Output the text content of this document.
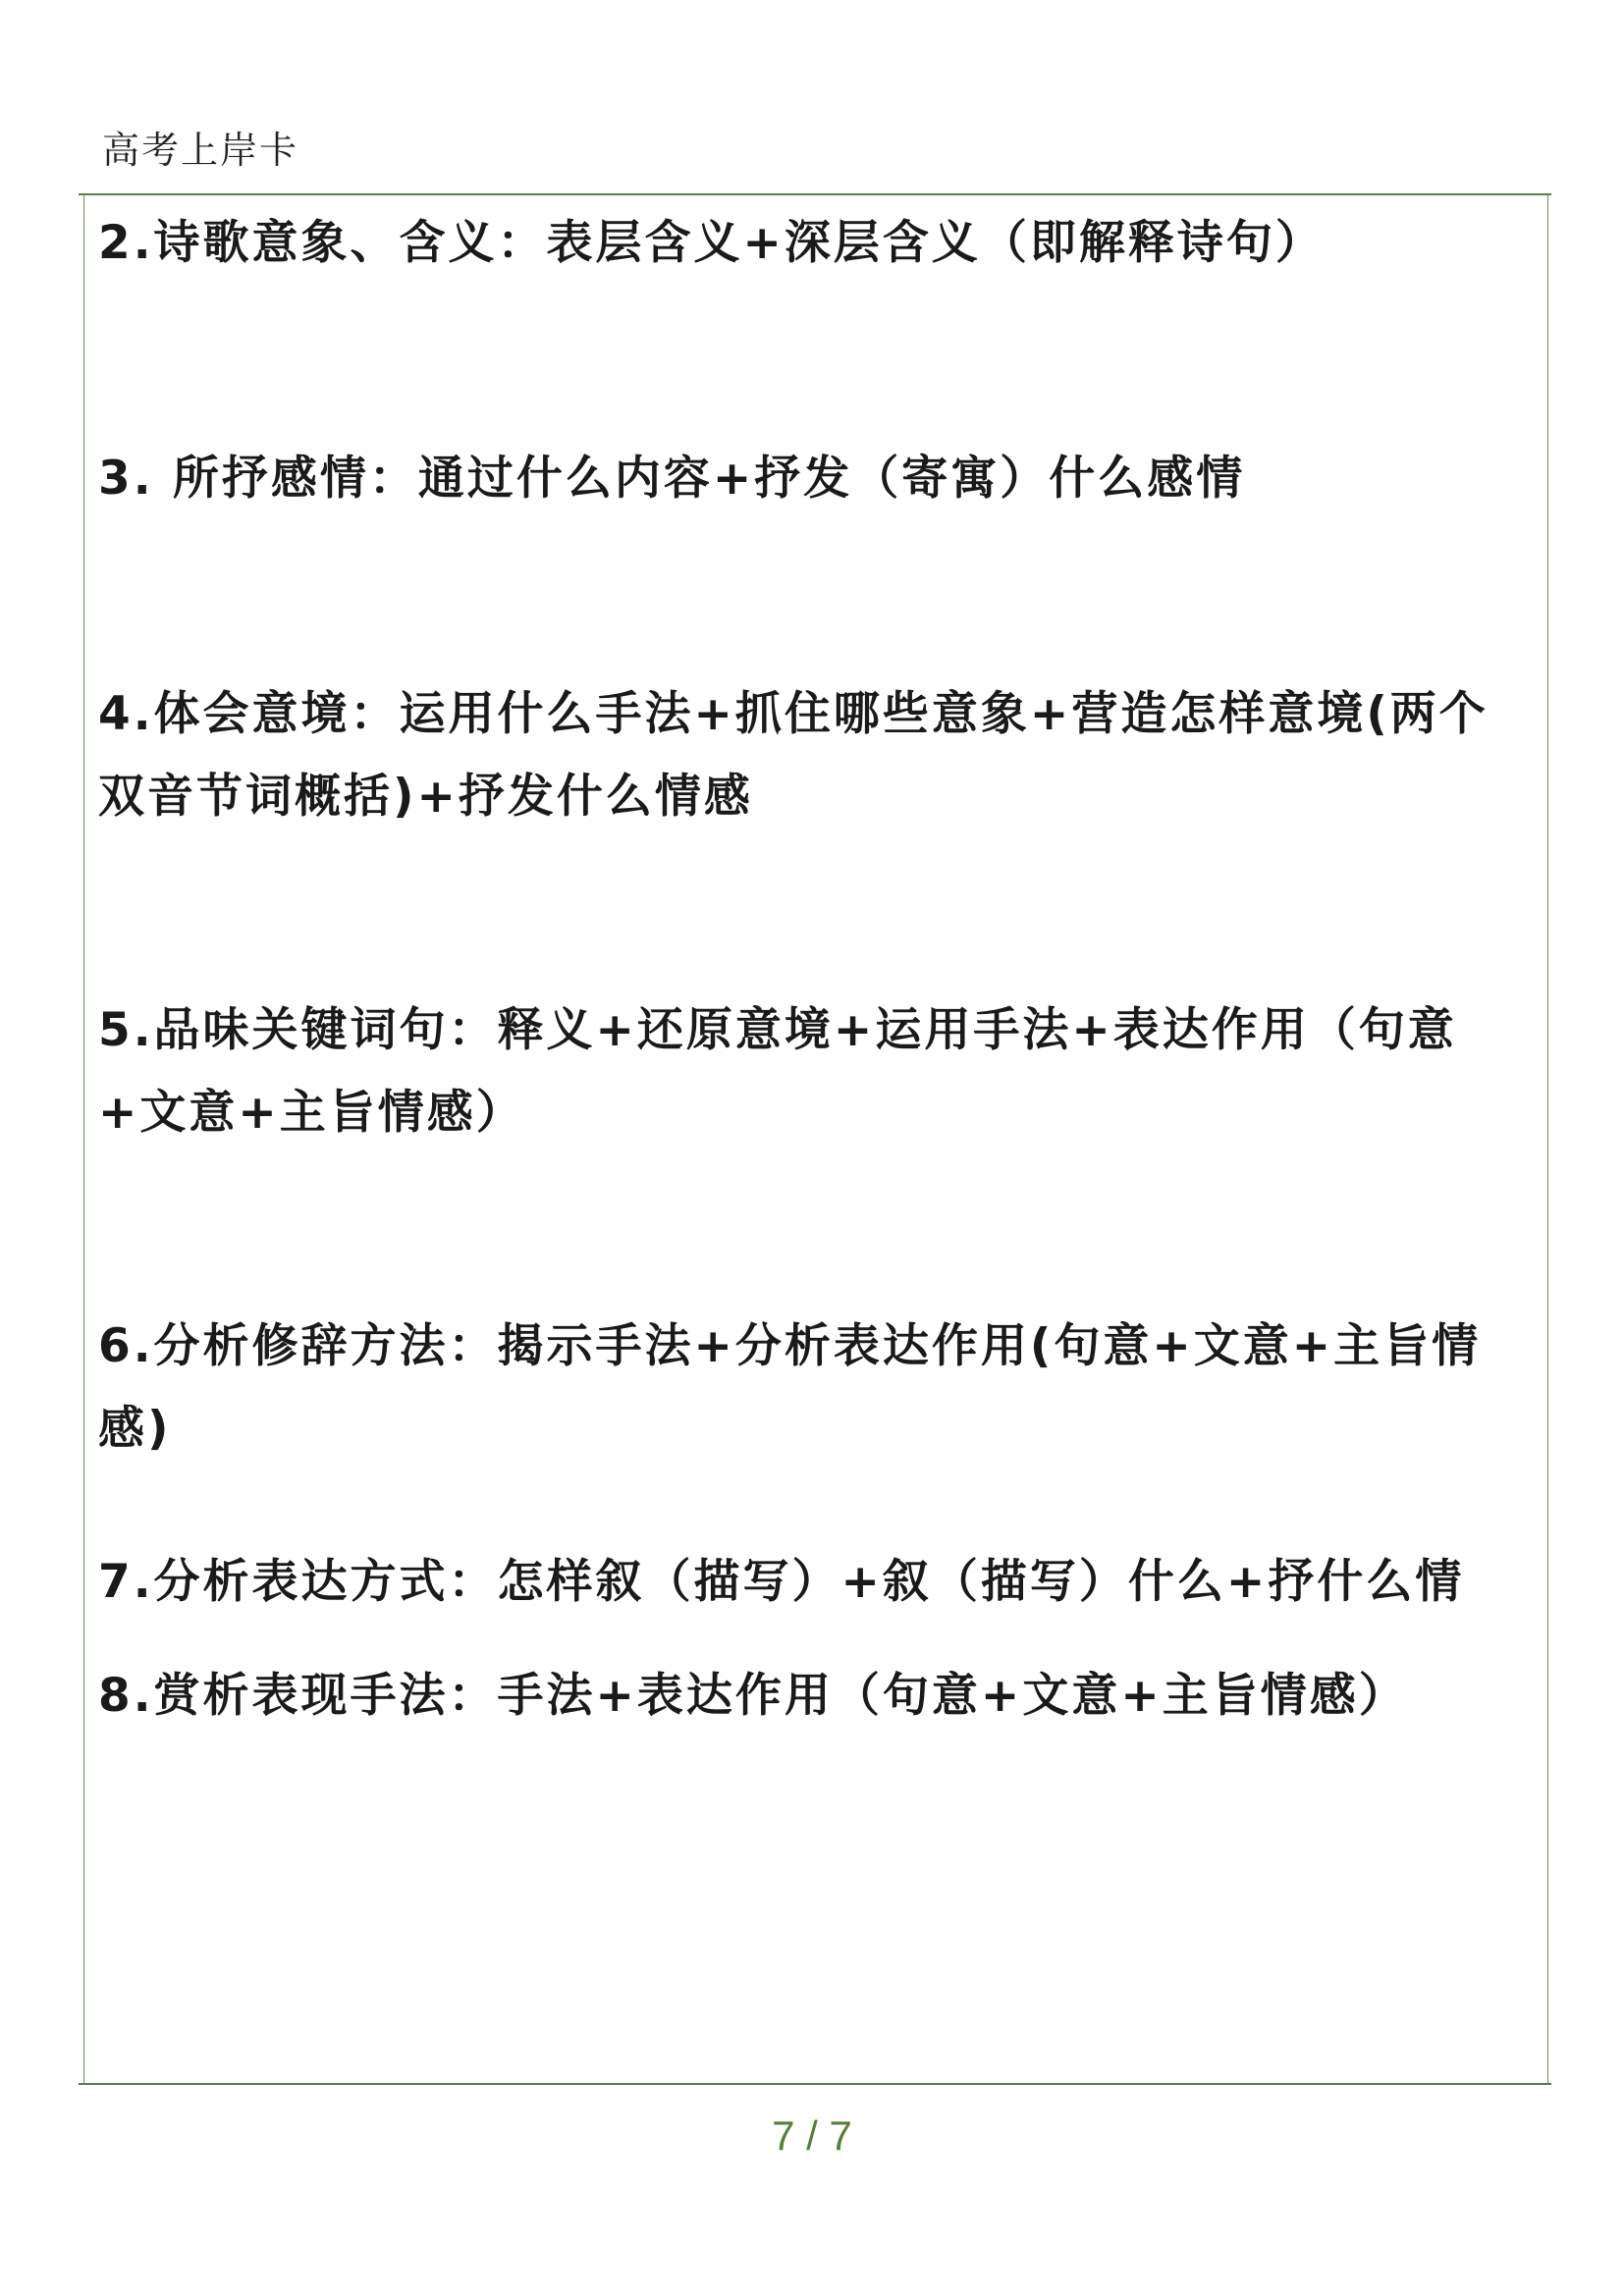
高考上岸卡
2.诗歌意象、含义：表层含义+深层含义（即解释诗句）
3. 所抒感情：通过什么内容+抒发（寄寓）什么感情
4.体会意境：运用什么手法+抓住哪些意象+营造怎样意境(两个双音节词概括)+抒发什么情感
5.品味关键词句：释义+还原意境+运用手法+表达作用（句意+文意+主旨情感）
6.分析修辞方法：揭示手法+分析表达作用(句意+文意+主旨情感)
7.分析表达方式：怎样叙（描写）+叙（描写）什么+抒什么情
8.赏析表现手法：手法+表达作用（句意+文意+主旨情感）
7 / 7
